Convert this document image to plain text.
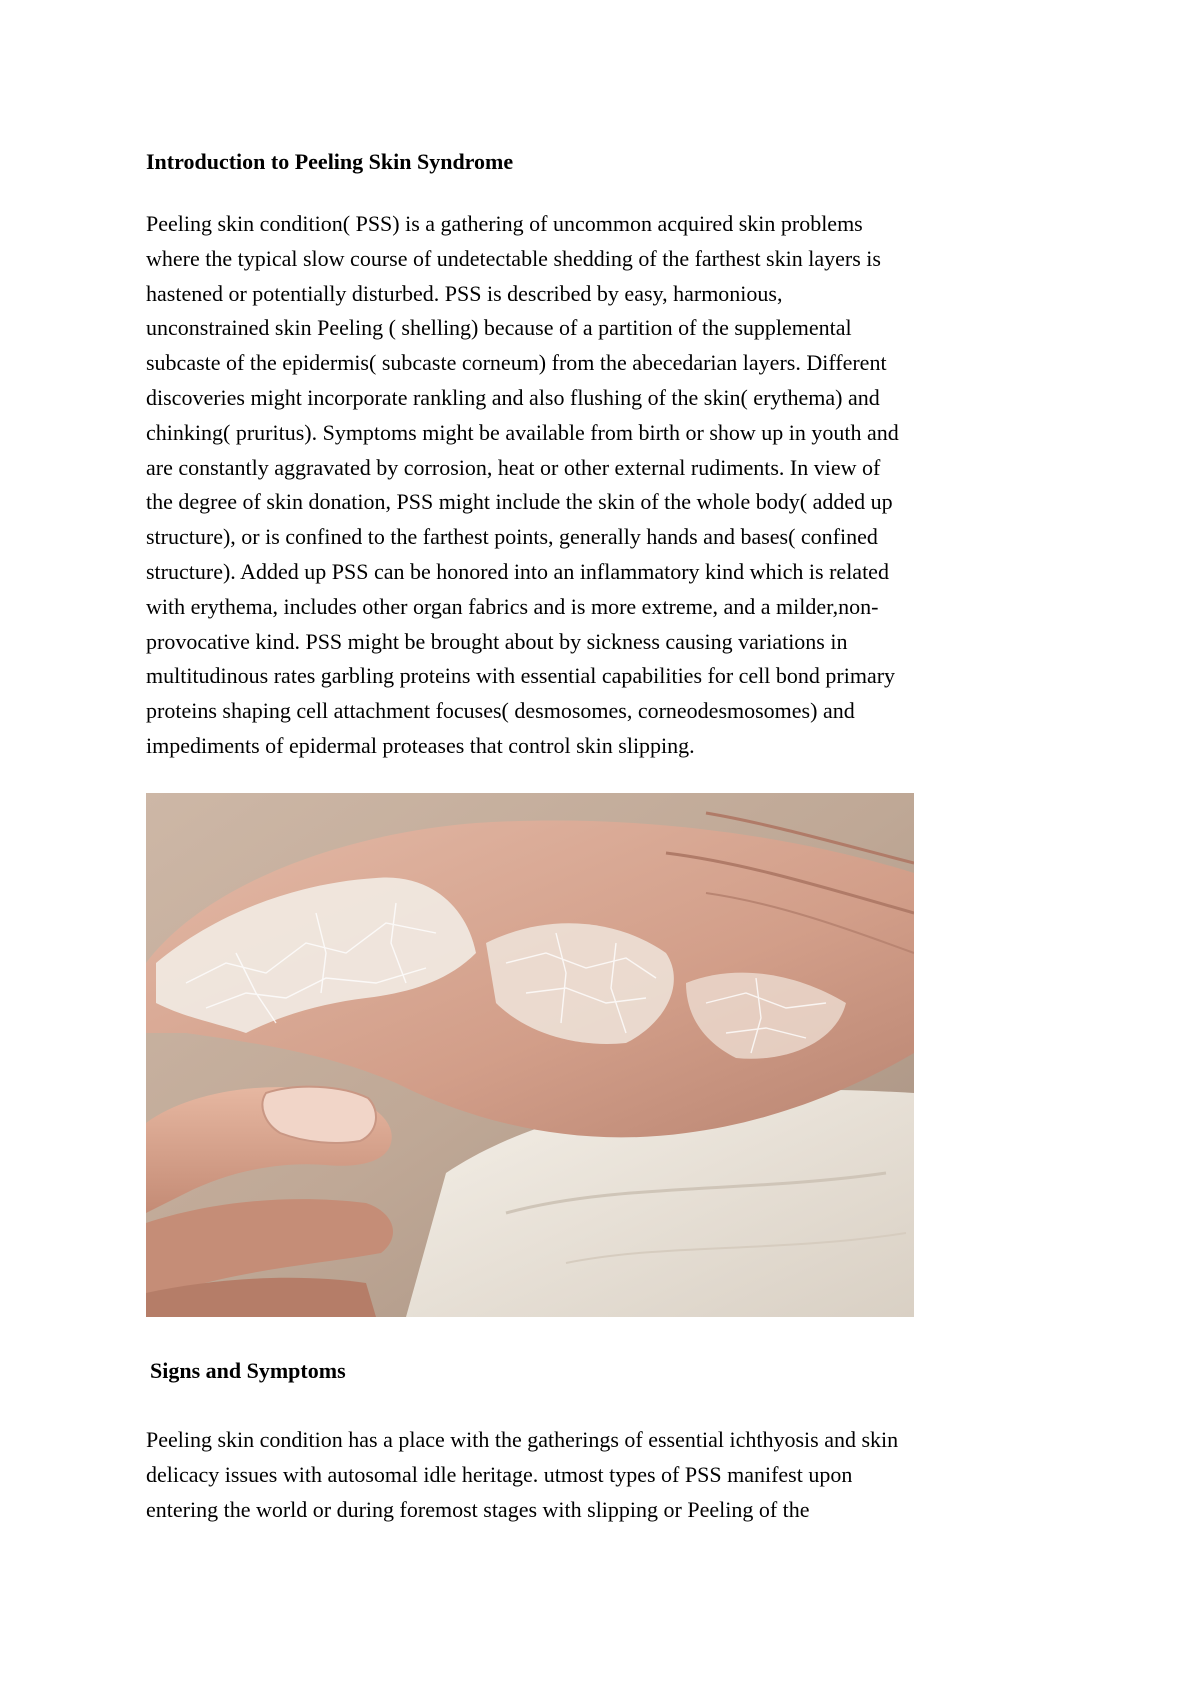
Introduction to Peeling Skin Syndrome

Peeling skin condition( PSS) is a gathering of uncommon acquired skin problems
where the typical slow course of undetectable shedding of the farthest skin layers is
hastened or potentially disturbed. PSS is described by easy, harmonious,
unconstrained skin Peeling ( shelling) because of a partition of the supplemental
subcaste of the epidermis( subcaste corneum) from the abecedarian layers. Different
discoveries might incorporate rankling and also flushing of the skin( erythema) and
chinking( pruritus). Symptoms might be available from birth or show up in youth and
are constantly aggravated by corrosion, heat or other external rudiments. In view of
the degree of skin donation, PSS might include the skin of the whole body( added up
structure), or is confined to the farthest points, generally hands and bases( confined
structure). Added up PSS can be honored into an inflammatory kind which is related
with erythema, includes other organ fabrics and is more extreme, and a milder,non-
provocative kind. PSS might be brought about by sickness causing variations in
multitudinous rates garbling proteins with essential capabilities for cell bond primary
proteins shaping cell attachment focuses( desmosomes, corneodesmosomes) and
impediments of epidermal proteases that control skin slipping.

Signs and Symptoms

Peeling skin condition has a place with the gatherings of essential ichthyosis and skin
delicacy issues with autosomal idle heritage. utmost types of PSS manifest upon
entering the world or during foremost stages with slipping or Peeling of the
